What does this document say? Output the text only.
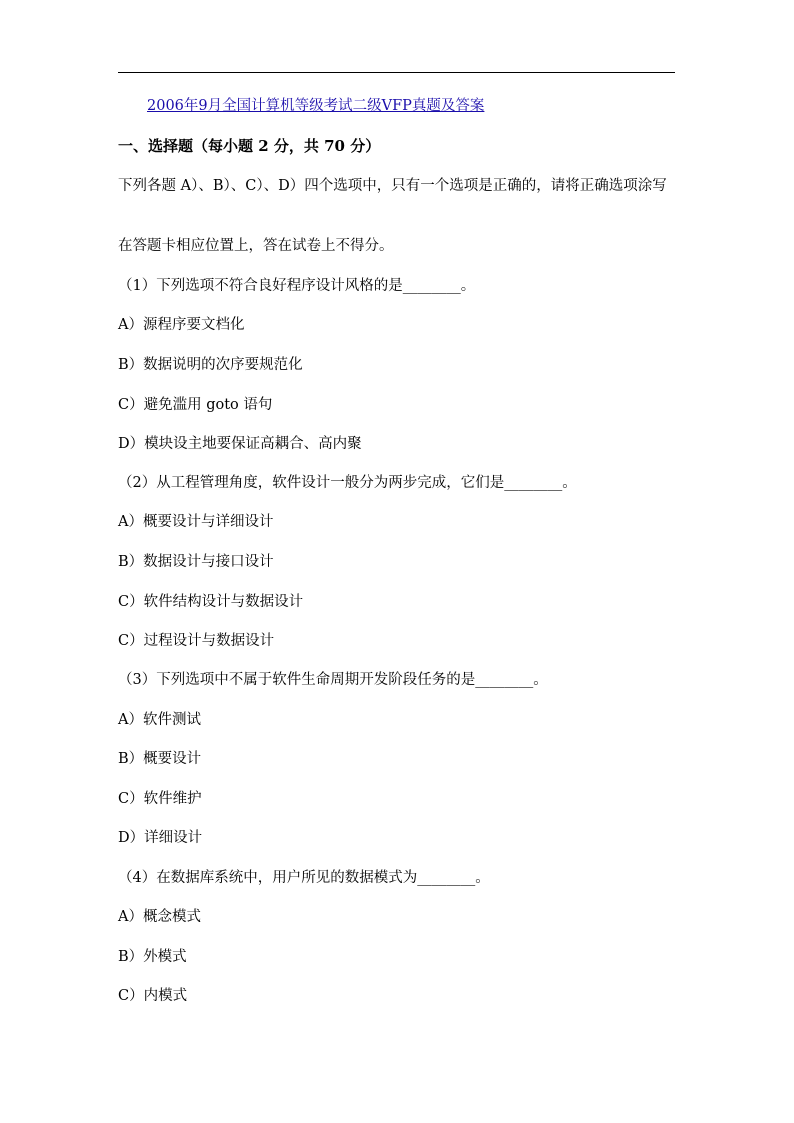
2006年9月全国计算机等级考试二级VFP真题及答案
一、选择题（每小题 2 分，共 70 分）
下列各题 A）、B）、C）、D）四个选项中，只有一个选项是正确的，请将正确选项涂写
在答题卡相应位置上，答在试卷上不得分。
（1）下列选项不符合良好程序设计风格的是________。
A）源程序要文档化
B）数据说明的次序要规范化
C）避免滥用 goto 语句
D）模块设主地要保证高耦合、高内聚
（2）从工程管理角度，软件设计一般分为两步完成，它们是________。
A）概要设计与详细设计
B）数据设计与接口设计
C）软件结构设计与数据设计
C）过程设计与数据设计
（3）下列选项中不属于软件生命周期开发阶段任务的是________。
A）软件测试
B）概要设计
C）软件维护
D）详细设计
（4）在数据库系统中，用户所见的数据模式为________。
A）概念模式
B）外模式
C）内模式
